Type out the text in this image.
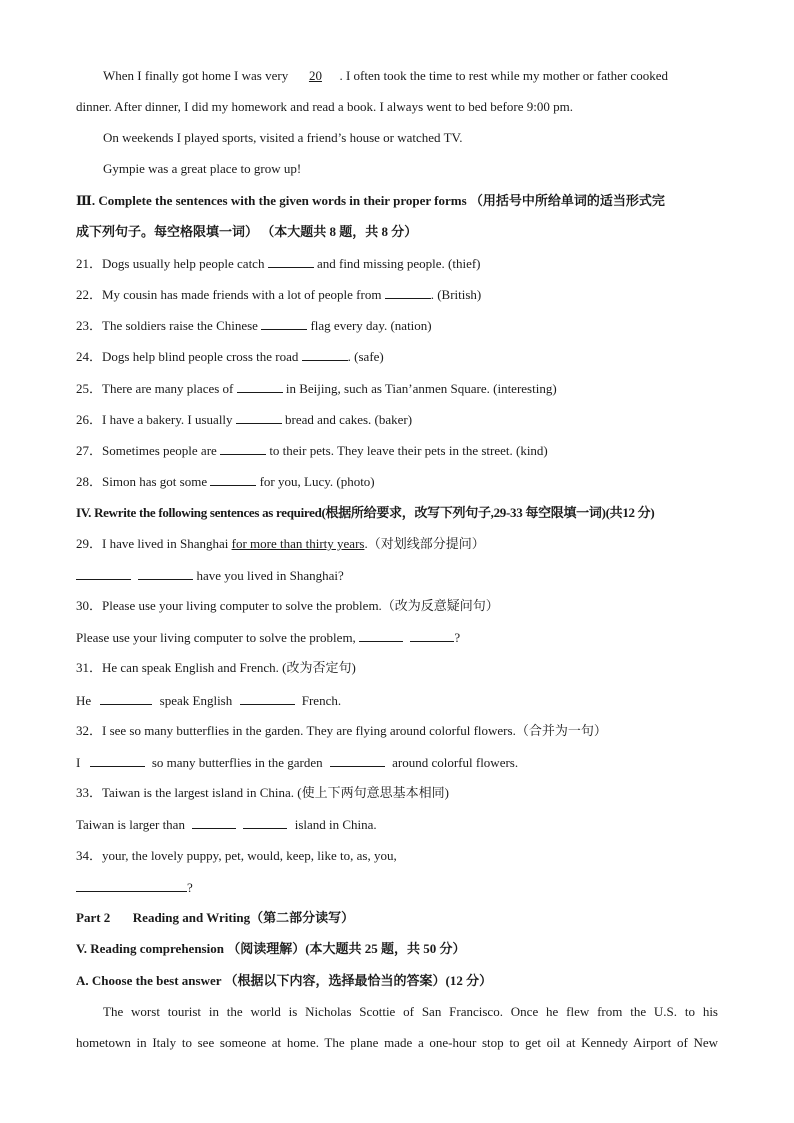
When I finally got home I was very 20 . I often took the time to rest while my mother or father cooked
dinner. After dinner, I did my homework and read a book. I always went to bed before 9:00 pm.
On weekends I played sports, visited a friend’s house or watched TV.
Gympie was a great place to grow up!
Ⅲ. Complete the sentences with the given words in their proper forms （用括号中所给单词的适当形式完
成下列句子。每空格限填一词） （本大题共 8 题，共 8 分）
21．Dogs usually help people catch	and find missing people. (thief)
22．My cousin has made friends with a lot of people from	. (British)
23．The soldiers raise the Chinese	flag every day. (nation)
24．Dogs help blind people cross the road	. (safe)
25．There are many places of	in Beijing, such as Tian’anmen Square. (interesting)
26．I have a bakery. I usually	bread and cakes. (baker)
27．Sometimes people are	to their pets. They leave their pets in the street. (kind)
28．Simon has got some	for you, Lucy. (photo)
IV. Rewrite the following sentences as required(根据所给要求，改写下列句子,29-33 每空限填一词)(共12 分)
29．I have lived in Shanghai for more than thirty years.（对划线部分提问）
have you lived in Shanghai?
30．Please use your living computer to solve the problem.（改为反意疑问句）
Please use your living computer to solve the problem,	?
31．He can speak English and French. (改为否定句)
He	speak English	French.
32．I see so many butterflies in the garden. They are flying around colorful flowers.（合并为一句）
I	so many butterflies in the garden	around colorful flowers.
33．Taiwan is the largest island in China. (使上下两句意思基本相同)
Taiwan is larger than	island in China.
34．your, the lovely puppy, pet, would, keep, like to, as, you,
?
Part 2 Reading and Writing（第二部分读写）
V. Reading comprehension （阅读理解）(本大题共 25 题，共 50 分）
A. Choose the best answer （根据以下内容，选择最恰当的答案）(12 分）
The worst tourist in the world is Nicholas Scottie of San Francisco. Once he flew from the U.S. to his
hometown in Italy to see someone at home. The plane made a one-hour stop to get oil at Kennedy Airport of New
